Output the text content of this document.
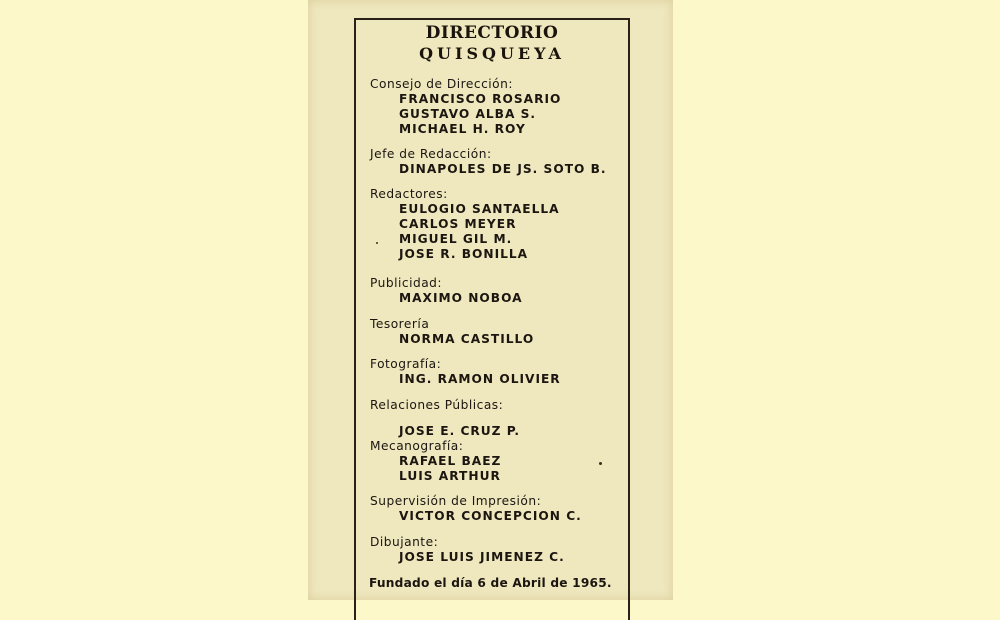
DIRECTORIO
QUISQUEYA
Consejo de Dirección:
FRANCISCO ROSARIO
GUSTAVO ALBA S.
MICHAEL H. ROY
Jefe de Redacción:
DINAPOLES DE JS. SOTO B.
Redactores:
EULOGIO SANTAELLA
CARLOS MEYER
MIGUEL GIL M.
JOSE R. BONILLA
Publicidad:
MAXIMO NOBOA
Tesorería
NORMA CASTILLO
Fotografía:
ING. RAMON OLIVIER
Relaciones Públicas:
JOSE E. CRUZ P.
Mecanografía:
RAFAEL BAEZ
LUIS ARTHUR
Supervisión de Impresión:
VICTOR CONCEPCION C.
Dibujante:
JOSE LUIS JIMENEZ C.
Fundado el día 6 de Abril de 1965.
